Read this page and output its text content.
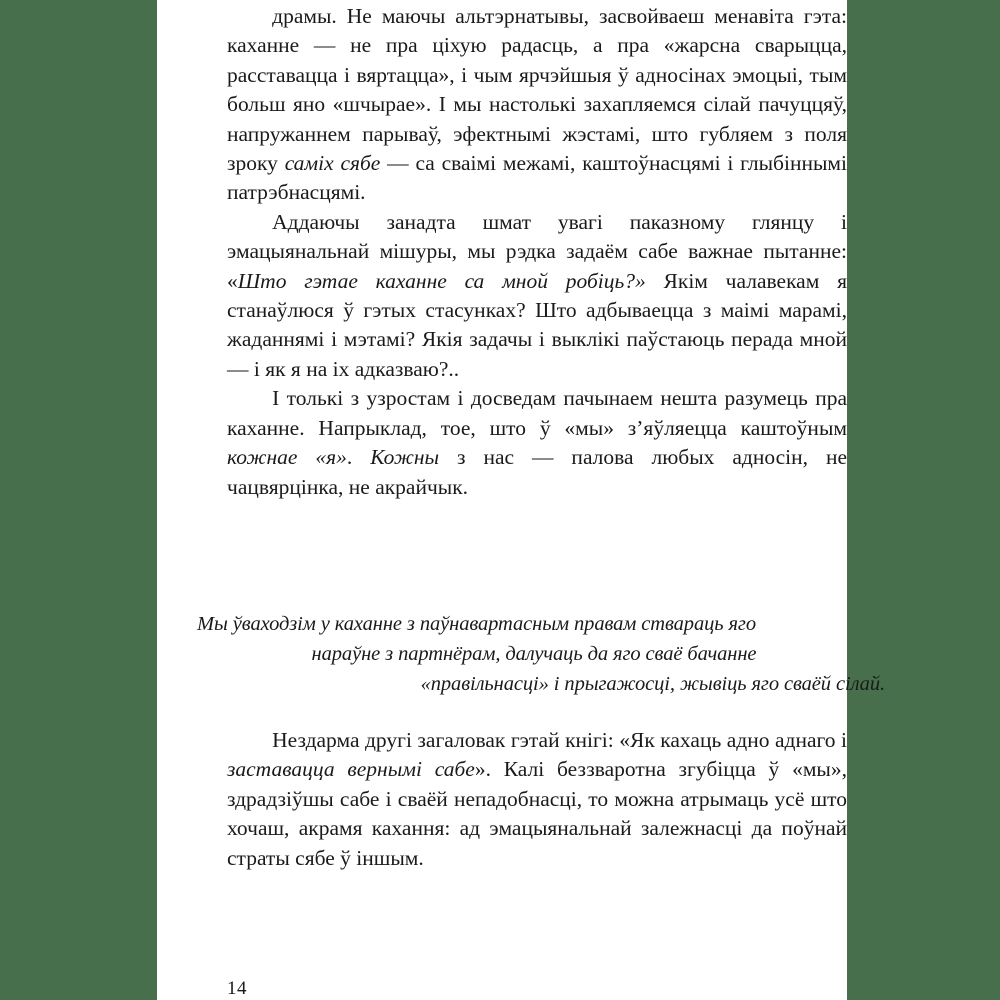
драмы. Не маючы альтэрнатывы, засвойваеш менавіта гэта: каханне — не пра ціхую радасць, а пра «жарсна сварыцца, расставацца і вяртацца», і чым ярчэйшыя ў адносінах эмоцыі, тым больш яно «шчырае». І мы настолькі захапляемся сілай пачуццяў, напружаннем парываў, эфектнымі жэстамі, што губляем з поля зроку саміх сябе — са сваімі межамі, каштоўнасцямі і глыбіннымі патрэбнасцямі.

Аддаючы занадта шмат увагі паказному глянцу і эмацыянальнай мішуры, мы рэдка задаём сабе важнае пытанне: «Што гэтае каханне са мной робіць?» Якім чалавекам я станаўлюся ў гэтых стасунках? Што адбываецца з маімі марамі, жаданнямі і мэтамі? Якія задачы і выклікі паўстаюць перада мной — і як я на іх адказваю?..

І толькі з узростам і досведам пачынаем нешта разумець пра каханне. Напрыклад, тое, што ў «мы» з’яўляецца каштоўным кожнае «я». Кожны з нас — палова любых адносін, не чацвярцінка, не акрайчык.

Мы ўваходзім у каханне з паўнавартасным правам ствараць яго

нараўне з партнёрам, далучаць да яго сваё бачанне

«правільнасці» і прыгажосці, жывіць яго сваёй сілай.

Нездарма другі загаловак гэтай кнігі: «Як кахаць адно аднаго і заставацца вернымі сабе». Калі беззваротна згубіцца ў «мы», здрадзіўшы сабе і сваёй непадобнасці, то можна атрымаць усё што хочаш, акрамя кахання: ад эмацыянальнай залежнасці да поўнай страты сябе ў іншым.

14
